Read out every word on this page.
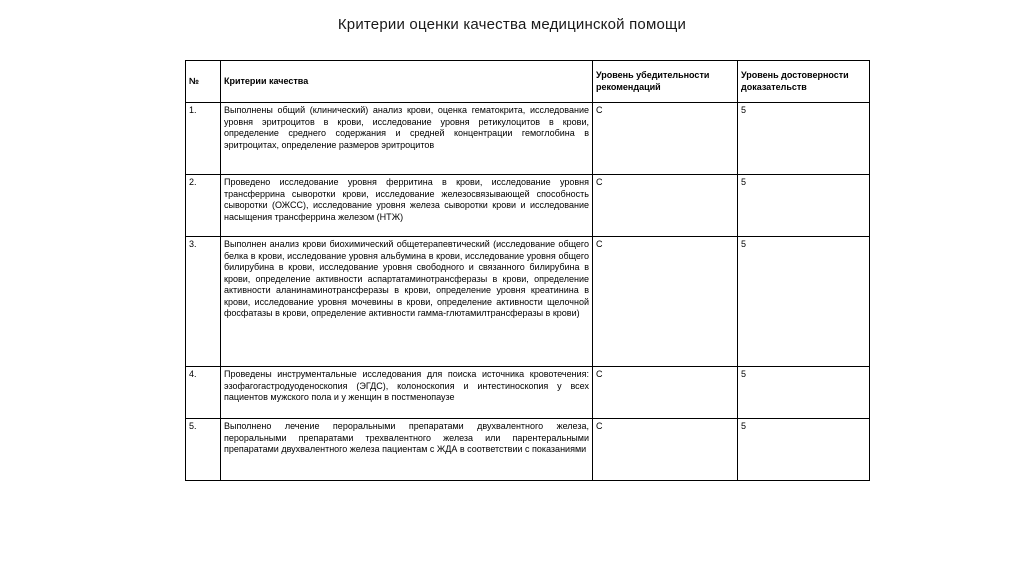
Критерии оценки качества медицинской помощи
№	Критерии качества	Уровень убедительности рекомендаций	Уровень достоверности доказательств
1.	Выполнены общий (клинический) анализ крови, оценка гематокрита, исследование уровня эритроцитов в крови, исследование уровня ретикулоцитов в крови, определение среднего содержания и средней концентрации гемоглобина в эритроцитах, определение размеров эритроцитов	С	5
2.	Проведено исследование уровня ферритина в крови, исследование уровня трансферрина сыворотки крови, исследование железосвязывающей способность сыворотки (ОЖСС), исследование уровня железа сыворотки крови и исследование насыщения трансферрина железом (НТЖ)	С	5
3.	Выполнен анализ крови биохимический общетерапевтический (исследование общего белка в крови, исследование уровня альбумина в крови, исследование уровня общего билирубина в крови, исследование уровня свободного и связанного билирубина в крови, определение активности аспартатаминотрансферазы в крови, определение активности аланинаминотрансферазы в крови, определение уровня креатинина в крови, исследование уровня мочевины в крови, определение активности щелочной фосфатазы в крови, определение активности гамма-глютамилтрансферазы в крови)	С	5
4.	Проведены инструментальные исследования для поиска источника кровотечения: эзофагогастродуоденоскопия (ЭГДС), колоноскопия и интестиноскопия у всех пациентов мужского пола и у женщин в постменопаузе	С	5
5.	Выполнено лечение пероральными препаратами двухвалентного железа, пероральными препаратами трехвалентного железа или парентеральными препаратами двухвалентного железа пациентам с ЖДА в соответствии с показаниями	С	5
